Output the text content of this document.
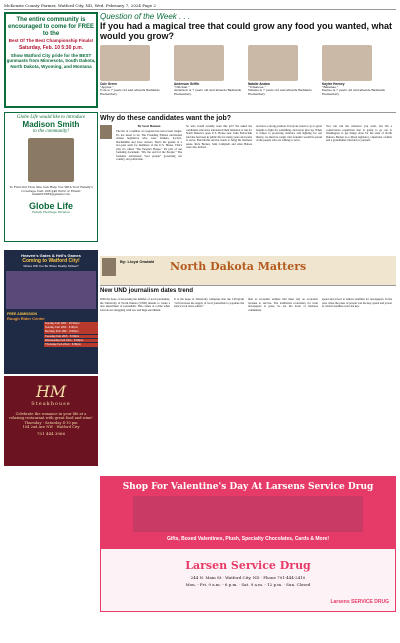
McKenzie County Farmer, Watford City, ND, Wed. February 7, 2024 Page 2
The entire community is encouraged to come for FREE to the
Best Of The Best Championship Finals!
Saturday, Feb. 10 5:30 p.m.
Show Watford City pride for the BEST gunmasts from Minnesota, South Dakota, North Dakota, Wyoming, and Montana
Globe Life would like to introduce
Madison Smith
to the community!
To Find Out How She Can Help You With Your Family's Coverage Call: 208 240 6222 or Email: msmith7689@gmail.com
Globe Life
Family Heritage Division
Heaven's Gates & Hell's Games
Coming to Watford City!
Where Will You Be When Reality Strikes?
FREE ADMISSION
Rough Rider Center
Sunday Feb 18th · 10:30pm
Sunday Feb 18th · 6:00pm
Monday Feb 19th · 6:00pm
Tuesday Feb 20th · 6:00pm
Wednesday Feb 21st · 6:00pm
Thursday Feb 22nd · 6:00pm
HM
Steakhouse
Celebrate the romance in your life at a relaxing restaurant with great food and wine!
Thursday - Saturday 4-10 pm
104 2nd Ave NW · Watford City
701 444 3066
Question of the Week . . .
If you had a magical tree that could grow any food you wanted, what would you grow?
Cole Green
"Apples."
Cole is 7 years old and attends Badlands Elementary.
Anderson Griffin
"Chicken."
Anderson is 7 years old and attends Badlands Elementary.
Natalie Andow
"Tomatoes."
Natalie is 7 years old and attends Badlands Elementary.
Kaylee Heeney
"Bananas."
Kaylee is 7 years old and attends Badlands Elementary.
Why do these candidates want the job?

By Scott Hennen

The list of a number of congress has never been longer. It's not usual to be. The Founding Fathers envisioned citizen legislators who were farmers, doctors, blacksmiths and store owners. That's the genius of a two-year term for members of the U.S. House. That's why it's called "The People's House." It's part of our founding document. "Oh, the end for the People." The founders envisioned "real people" governing our country, not politicians.

So who would actually want this job? We asked the candidates who have announced their intention to run for North Dakota's open U.S. House seat. Julie Fedorchak said she has been in public life for many years and wants to serve. Brad Rolfe said he wants to bring his business sense. Rick Becker, Sam Campbell and Alex Balazs were also invited.

not have a strong position. Everyone wants to go to great lengths to fight for something, and never give up. When it comes to protecting America and fighting for our liberty, we must be tough. Our founders would be proud of the people who are willing to serve.

You can call me whatever you want, but I'm a conservative republican that is going to go out to Washington to get things done for the state of North Dakota. Becker is a citizen legislator, a husband, a father and a grandfather. Decide for yourself.

By: Lloyd Omdahl North Dakota Matters
New UND journalism dates trend

With the hope of increasing the number of local journalists, the University of North Dakota (UND) intends to create a new department of journalism. This comes at a time when schools are struggling with low and high enrollment.

It is the hope of University campuses that the J-Program "will increase the supply of local journalists to populate the state's local news outlets."

than as economic entities that must rely on economic revenue to survive. The traditional economics for rural newspapers is gone. So are the hosts of business community.

speed and power at remote satellites for newspapers. In the past, when the press of people was the key, speed and power at central satellites were the key.

Shop For Valentine's Day At Larsens Service Drug
Gifts, Boxed Valentines, Plush, Specialty Chocolates, Cards & More!
Larsen Service Drug
244 N. Main St · Watford City, ND · Phone 701-444-2410
Mon. - Fri. 9 a.m. - 6 p.m. · Sat. 9 a.m. - 12 p.m. · Sun. Closed
Larsens SERVICE DRUG
